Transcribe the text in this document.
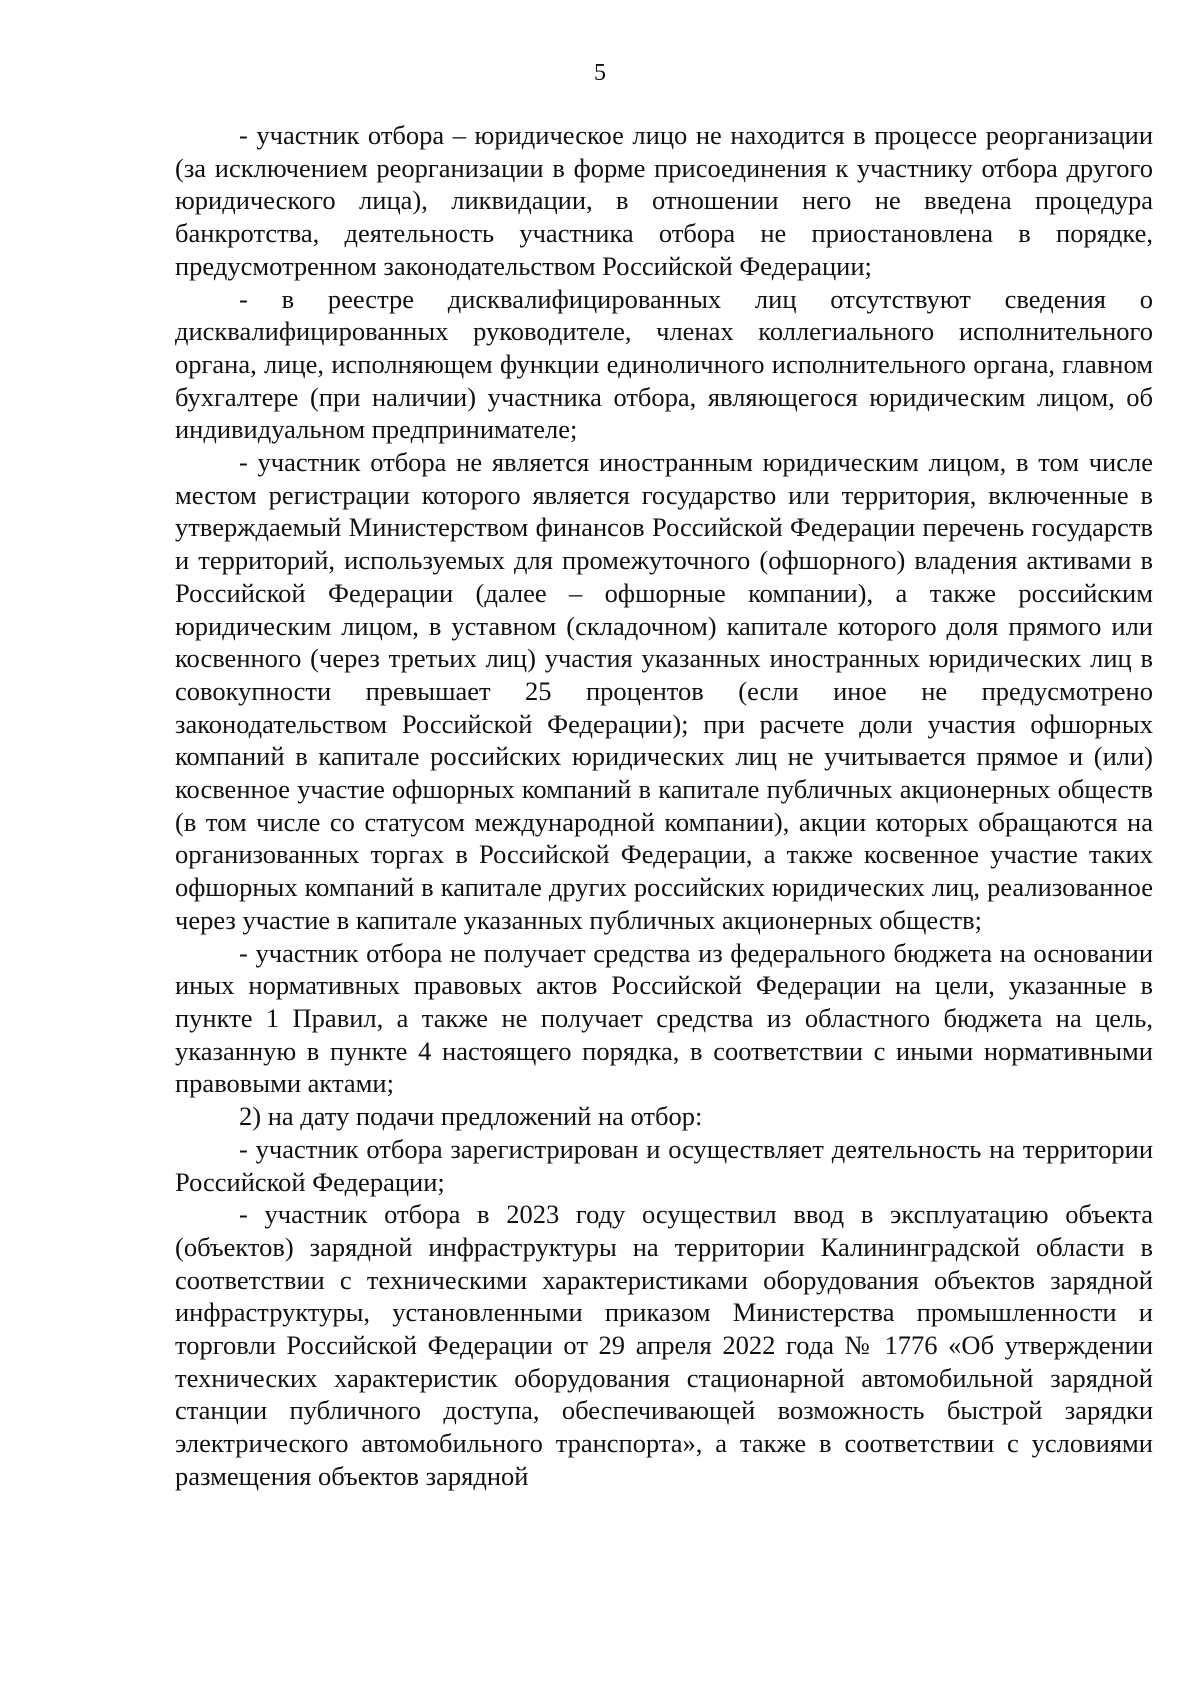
5

- участник отбора – юридическое лицо не находится в процессе реорганизации (за исключением реорганизации в форме присоединения к участнику отбора другого юридического лица), ликвидации, в отношении него не введена процедура банкротства, деятельность участника отбора не приостановлена в порядке, предусмотренном законодательством Российской Федерации;

- в реестре дисквалифицированных лиц отсутствуют сведения о дисквалифицированных руководителе, членах коллегиального исполнительного органа, лице, исполняющем функции единоличного исполнительного органа, главном бухгалтере (при наличии) участника отбора, являющегося юридическим лицом, об индивидуальном предпринимателе;

- участник отбора не является иностранным юридическим лицом, в том числе местом регистрации которого является государство или территория, включенные в утверждаемый Министерством финансов Российской Федерации перечень государств и территорий, используемых для промежуточного (офшорного) владения активами в Российской Федерации (далее – офшорные компании), а также российским юридическим лицом, в уставном (складочном) капитале которого доля прямого или косвенного (через третьих лиц) участия указанных иностранных юридических лиц в совокупности превышает 25 процентов (если иное не предусмотрено законодательством Российской Федерации); при расчете доли участия офшорных компаний в капитале российских юридических лиц не учитывается прямое и (или) косвенное участие офшорных компаний в капитале публичных акционерных обществ (в том числе со статусом международной компании), акции которых обращаются на организованных торгах в Российской Федерации, а также косвенное участие таких офшорных компаний в капитале других российских юридических лиц, реализованное через участие в капитале указанных публичных акционерных обществ;

- участник отбора не получает средства из федерального бюджета на основании иных нормативных правовых актов Российской Федерации на цели, указанные в пункте 1 Правил, а также не получает средства из областного бюджета на цель, указанную в пункте 4 настоящего порядка, в соответствии с иными нормативными правовыми актами;

2) на дату подачи предложений на отбор:

- участник отбора зарегистрирован и осуществляет деятельность на территории Российской Федерации;

- участник отбора в 2023 году осуществил ввод в эксплуатацию объекта (объектов) зарядной инфраструктуры на территории Калининградской области в соответствии с техническими характеристиками оборудования объектов зарядной инфраструктуры, установленными приказом Министерства промышленности и торговли Российской Федерации от 29 апреля 2022 года № 1776 «Об утверждении технических характеристик оборудования стационарной автомобильной зарядной станции публичного доступа, обеспечивающей возможность быстрой зарядки электрического автомобильного транспорта», а также в соответствии с условиями размещения объектов зарядной
